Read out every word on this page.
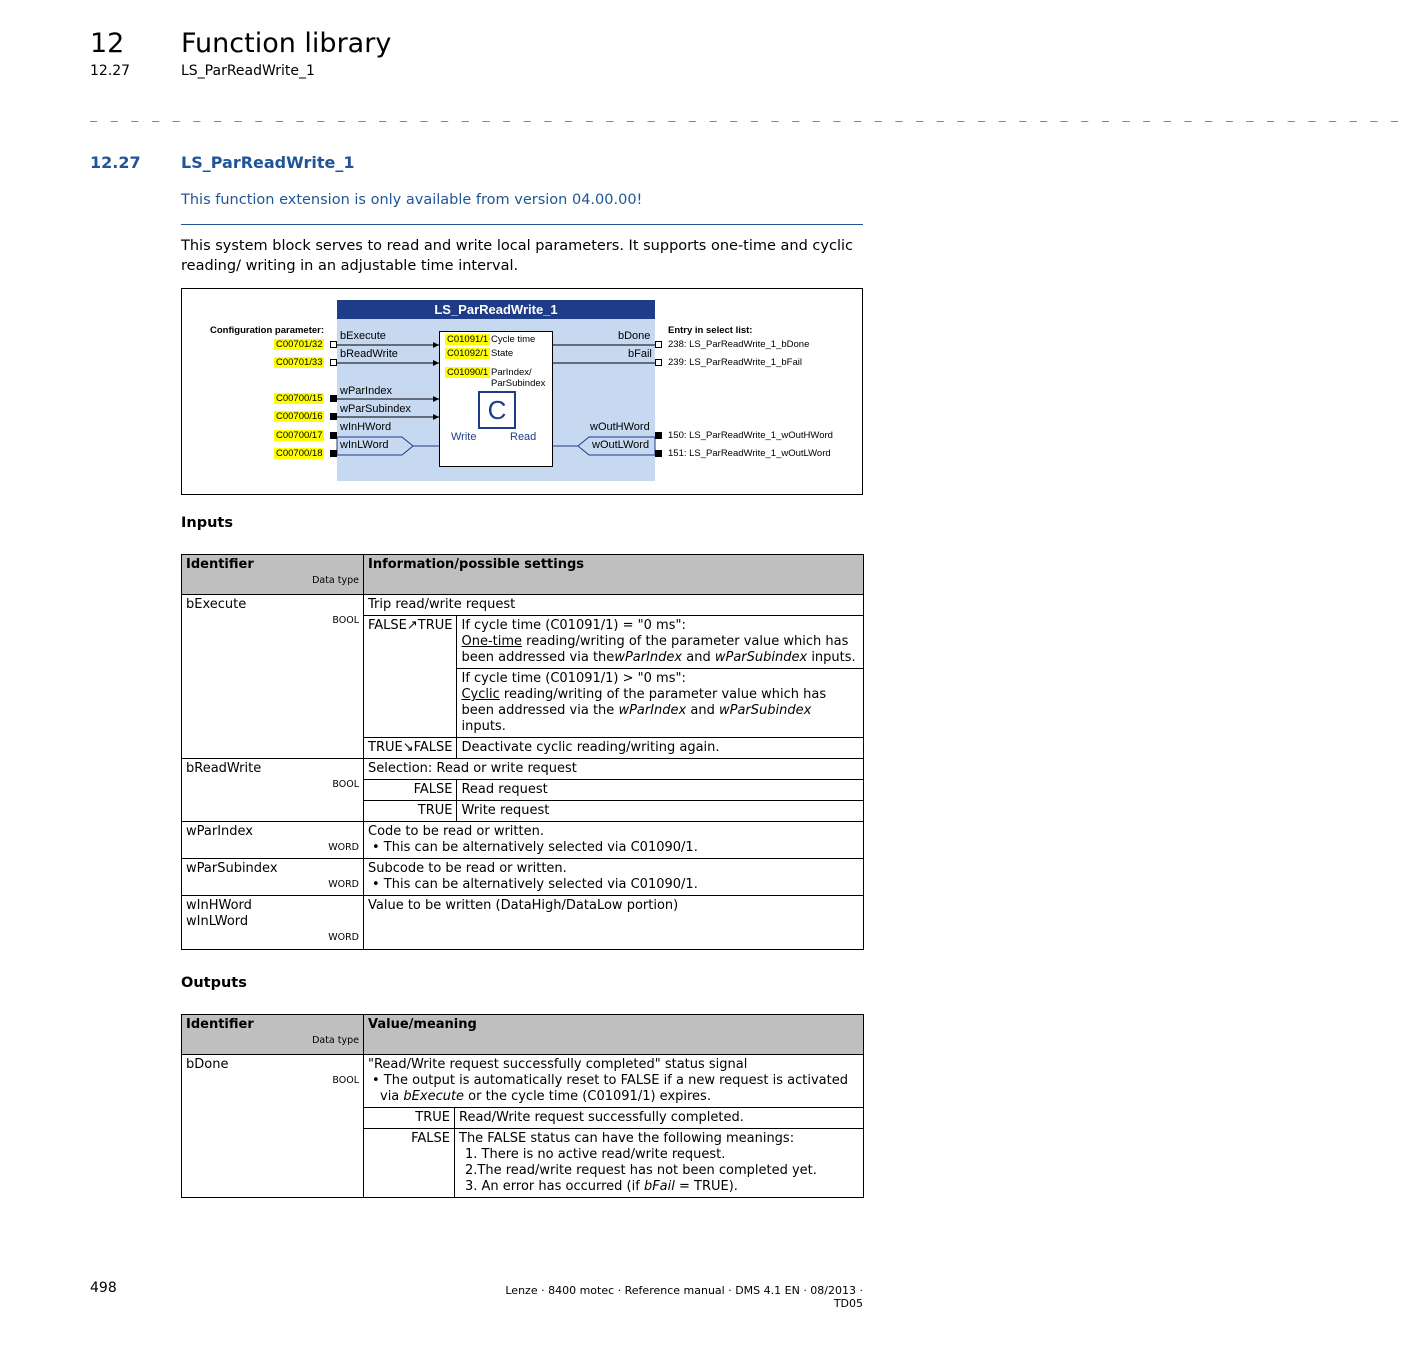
12 Function library
12.27	LS_ParReadWrite_1
_ _ _ _ _ _ _ _ _ _ _ _ _ _ _ _ _ _ _ _ _ _ _ _ _ _ _ _ _ _ _ _ _ _ _ _ _ _ _ _ _ _ _ _ _ _ _ _ _ _ _ _ _ _ _ _ _ _ _ _ _ _ _ _
12.27	LS_ParReadWrite_1
This function extension is only available from version 04.00.00!
This system block serves to read and write local parameters. It supports one-time and cyclic reading/ writing in an adjustable time interval.
LS_ParReadWrite_1
Configuration parameter:	Entry in select list:
C00701/32
bExecute
C00701/33
bReadWrite
C00700/15
wParIndex
C00700/16
wParSubindex
C00700/17
wInHWord
C00700/18
wInLWord
C01091/1 Cycle time
C01092/1 State
C01090/1 ParIndex/
ParSubindex
C
Write	Read
bDone
238: LS_ParReadWrite_1_bDone
bFail
239: LS_ParReadWrite_1_bFail
wOutHWord
150: LS_ParReadWrite_1_wOutHWord
wOutLWord
151: LS_ParReadWrite_1_wOutLWord
Inputs
Identifier
Data type	Information/possible settings	
bExecute
BOOL	Trip read/write request	
	FALSE↗TRUE	If cycle time (C01091/1) = "0 ms":
One-time reading/writing of the parameter value which has been addressed via thewParIndex and wParSubindex inputs.
		If cycle time (C01091/1) > "0 ms":
Cyclic reading/writing of the parameter value which has been addressed via the wParIndex and wParSubindex inputs.
	TRUE↘FALSE	Deactivate cyclic reading/writing again.
bReadWrite
BOOL	Selection: Read or write request	
	FALSE	Read request
	TRUE	Write request
wParIndex
WORD	Code to be read or written.
• This can be alternatively selected via C01090/1.	

wParSubindex
WORD	Subcode to be read or written.
• This can be alternatively selected via C01090/1.	

wInHWord
wInLWord
WORD	Value to be written (DataHigh/DataLow portion)	
Outputs
Identifier
Data type	Value/meaning	
bDone
BOOL	"Read/Write request successfully completed" status signal
• The output is automatically reset to FALSE if a new request is activated via bExecute or the cycle time (C01091/1) expires.	

	TRUE	Read/Write request successfully completed.
	FALSE	The FALSE status can have the following meanings:
1. There is no active read/write request.
2.The read/write request has not been completed yet.
3. An error has occurred (if bFail = TRUE).
498	Lenze · 8400 motec · Reference manual · DMS 4.1 EN · 08/2013 · TD05
